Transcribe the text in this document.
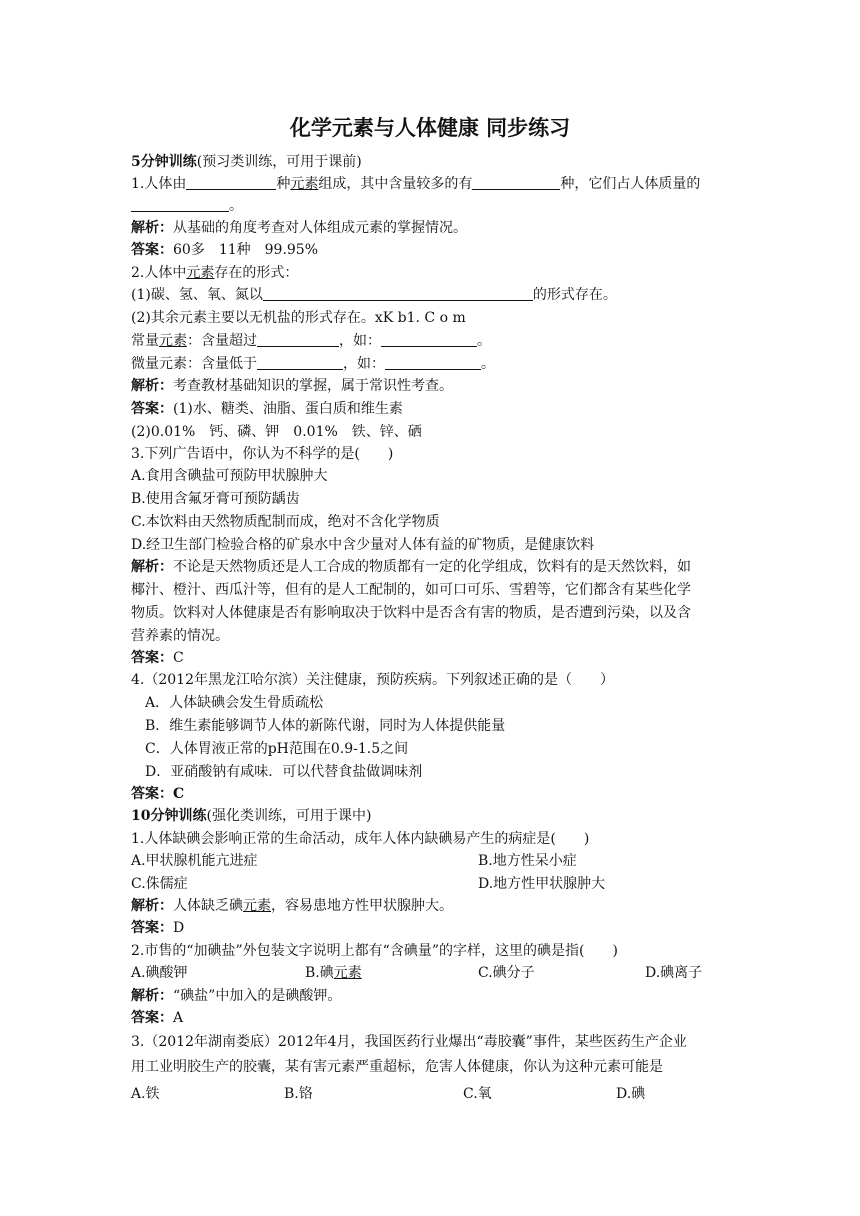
化学元素与人体健康 同步练习
5分钟训练(预习类训练，可用于课前)
1.人体由	种元素组成，其中含量较多的有	种，它们占人体质量的
。
解析：从基础的角度考查对人体组成元素的掌握情况。
答案：60多　11种　99.95%
2.人体中元素存在的形式：
(1)碳、氢、氧、氮以	的形式存在。
(2)其余元素主要以无机盐的形式存在。xK b1. C o m
常量元素：含量超过	，如：	。
微量元素：含量低于	，如：	。
解析：考查教材基础知识的掌握，属于常识性考查。
答案：(1)水、糖类、油脂、蛋白质和维生素
(2)0.01%　钙、磷、钾　0.01%　铁、锌、硒
3.下列广告语中，你认为不科学的是(　　)
A.食用含碘盐可预防甲状腺肿大
B.使用含氟牙膏可预防龋齿
C.本饮料由天然物质配制而成，绝对不含化学物质
D.经卫生部门检验合格的矿泉水中含少量对人体有益的矿物质，是健康饮料
解析：不论是天然物质还是人工合成的物质都有一定的化学组成，饮料有的是天然饮料，如
椰汁、橙汁、西瓜汁等，但有的是人工配制的，如可口可乐、雪碧等，它们都含有某些化学
物质。饮料对人体健康是否有影响取决于饮料中是否含有害的物质，是否遭到污染，以及含
营养素的情况。
答案：C
4.（2012年黑龙江哈尔滨）关注健康，预防疾病。下列叙述正确的是（　　）
A．人体缺碘会发生骨质疏松
B．维生素能够调节人体的新陈代谢，同时为人体提供能量
C．人体胃液正常的pH范围在0.9-1.5之间
D．亚硝酸钠有咸味．可以代替食盐做调味剂
答案：C
10分钟训练(强化类训练，可用于课中)
1.人体缺碘会影响正常的生命活动，成年人体内缺碘易产生的病症是(　　)
A.甲状腺机能亢进症	B.地方性呆小症
C.侏儒症	D.地方性甲状腺肿大
解析：人体缺乏碘元素，容易患地方性甲状腺肿大。
答案：D
2.市售的“加碘盐”外包装文字说明上都有“含碘量”的字样，这里的碘是指(　　)
A.碘酸钾	B.碘元素	C.碘分子	D.碘离子
解析：“碘盐”中加入的是碘酸钾。
答案：A
3.（2012年湖南娄底）2012年4月，我国医药行业爆出“毒胶囊”事件，某些医药生产企业
用工业明胶生产的胶囊，某有害元素严重超标，危害人体健康，你认为这种元素可能是
A.铁	B.铬	C.氧	D.碘
